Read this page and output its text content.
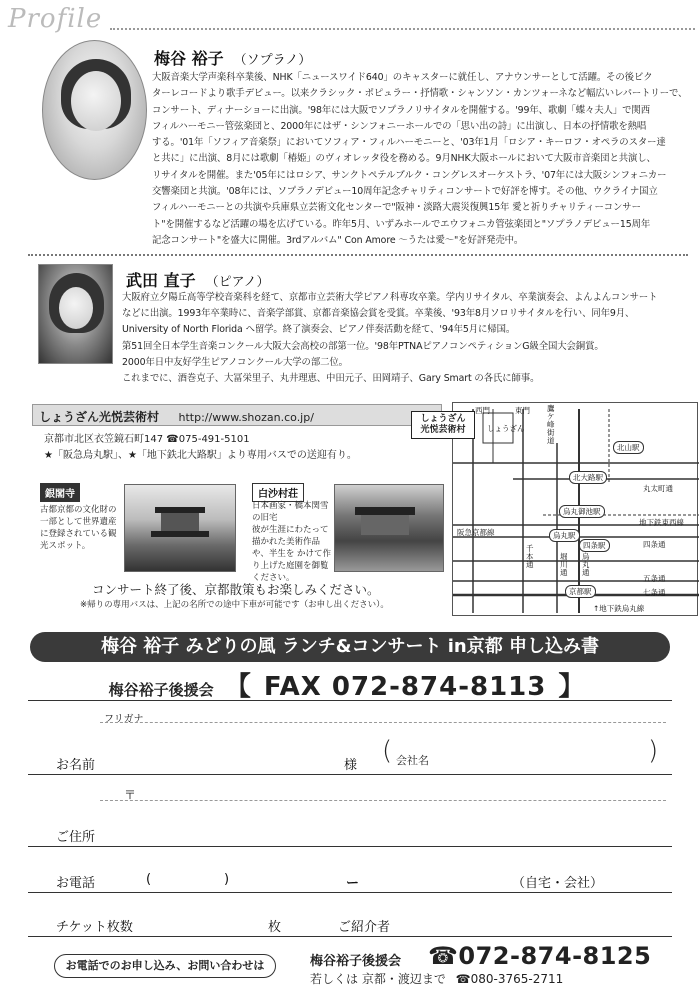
Profile
梅谷 裕子 （ソプラノ）
大阪音楽大学声楽科卒業後、NHK「ニュースワイド640」のキャスターに就任し、アナウンサーとして活躍。その後ビク
ターレコードより歌手デビュー。以来クラシック・ポピュラー・抒情歌・シャンソン・カンツォーネなど幅広いレパートリーで、
コンサート、ディナーショーに出演。'98年には大阪でソプラノリサイタルを開催する。'99年、歌劇「蝶々夫人」で関西
フィルハーモニー管弦楽団と、2000年にはザ・シンフォニーホールでの「思い出の詩」に出演し、日本の抒情歌を熱唱
する。'01年「ソフィア音楽祭」においてソフィア・フィルハーモニーと、'03年1月「ロシア・キーロフ・オペラのスター達
と共に」に出演、8月には歌劇「椿姫」のヴィオレッタ役を務める。9月NHK大阪ホールにおいて大阪市音楽団と共演し、
リサイタルを開催。また'05年にはロシア、サンクトペテルブルク・コングレスオーケストラ、'07年には大阪シンフォニカー
交響楽団と共演。'08年には、ソプラノデビュー10周年記念チャリティコンサートで好評を博す。その他、ウクライナ国立
フィルハーモニーとの共演や兵庫県立芸術文化センターで"阪神・淡路大震災復興15年 愛と祈りチャリティーコンサー
ト"を開催するなど活躍の場を広げている。昨年5月、いずみホールでエウフォニカ管弦楽団と"ソプラノデビュー15周年
記念コンサート"を盛大に開催。3rdアルバム" Con Amore ～うたは愛～"を好評発売中。
武田 直子 （ピアノ）
大阪府立夕陽丘高等学校音楽科を経て、京都市立芸術大学ピアノ科専攻卒業。学内リサイタル、卒業演奏会、よんよんコンサート
などに出演。1993年卒業時に、音楽学部賞、京都音楽協会賞を受賞。卒業後、'93年8月ソロリサイタルを行い、同年9月、
University of North Florida へ留学。終了演奏会、ピアノ伴奏活動を経て、'94年5月に帰国。
第51回全日本学生音楽コンクール大阪大会高校の部第一位。'98年PTNAピアノコンペティションG級全国大会銅賞。
2000年日中友好学生ピアノコンクール大学の部二位。
これまでに、酒巻克子、大冨栄里子、丸井理恵、中田元子、田岡靖子、Gary Smart の各氏に師事。
しょうざん光悦芸術村 http://www.shozan.co.jp/
京都市北区衣笠鏡石町147 ☎075-491-5101
★「阪急烏丸駅」、★「地下鉄北大路駅」より専用バスでの送迎有り。
銀閣寺
古都京都の文化財の
一部として世界遺産
に登録されている観
光スポット。
白沙村荘
日本画家・橋本関雪
の旧宅
彼が生涯にわたって
描かれた美術作品
や、半生を かけて作
り上げた庭園を御覧
ください。
コンサート終了後、京都散策もお楽しみください。
※帰りの専用バスは、上記の名所での途中下車が可能です（お申し出ください）。
しょうざん
光悦芸術村
西門
しょうざん
東門 鷹ケ峰街道
北山駅
北大路駅
丸太町通
烏丸御池駅
地下鉄東西線
阪急京都線	烏丸駅
四条駅	四条通
千本通
堀川通
烏丸通
五条通
京都駅	七条通
↑地下鉄烏丸線
梅谷 裕子 みどりの風 ランチ&コンサート in京都 申し込み書
梅谷裕子後援会 【 FAX 072-874-8113 】
フリガナ
お名前	様 ( 会社名	)
〒
ご住所
お電話	(	)	ー	（自宅・会社）
チケット枚数	枚	ご紹介者
お電話でのお申し込み、お問い合わせは	梅谷裕子後援会 ☎072-874-8125
若しくは 京都・渡辺まで ☎080-3765-2711
